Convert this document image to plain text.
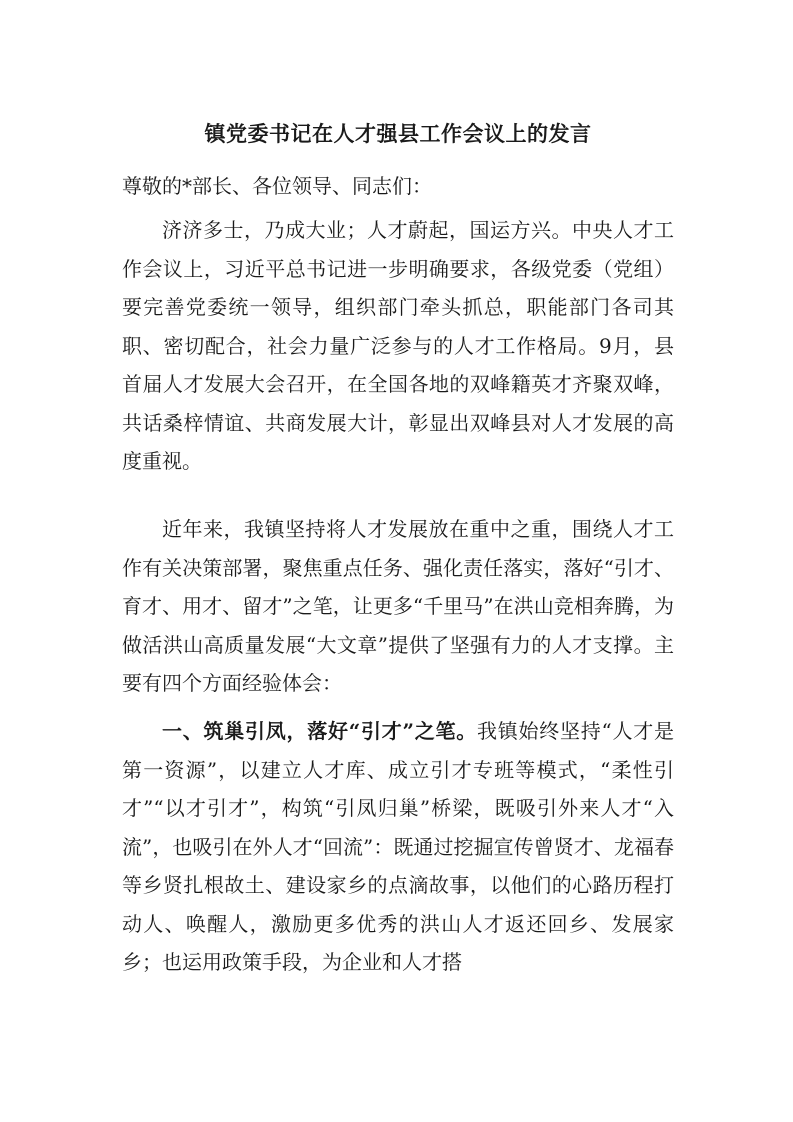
镇党委书记在人才强县工作会议上的发言
尊敬的*部长、各位领导、同志们：

济济多士，乃成大业；人才蔚起，国运方兴。中央人才工作会议上，习近平总书记进一步明确要求，各级党委（党组）要完善党委统一领导，组织部门牵头抓总，职能部门各司其职、密切配合，社会力量广泛参与的人才工作格局。9月，县首届人才发展大会召开，在全国各地的双峰籍英才齐聚双峰，共话桑梓情谊、共商发展大计，彰显出双峰县对人才发展的高度重视。

近年来，我镇坚持将人才发展放在重中之重，围绕人才工作有关决策部署，聚焦重点任务、强化责任落实，落好“引才、育才、用才、留才”之笔，让更多“千里马”在洪山竞相奔腾，为做活洪山高质量发展“大文章”提供了坚强有力的人才支撑。主要有四个方面经验体会：

一、筑巢引凤，落好“引才”之笔。我镇始终坚持“人才是第一资源”，以建立人才库、成立引才专班等模式，“柔性引才”“以才引才”，构筑“引凤归巢”桥梁，既吸引外来人才“入流”，也吸引在外人才“回流”：既通过挖掘宣传曾贤才、龙福春等乡贤扎根故土、建设家乡的点滴故事，以他们的心路历程打动人、唤醒人，激励更多优秀的洪山人才返还回乡、发展家乡；也运用政策手段，为企业和人才搭
